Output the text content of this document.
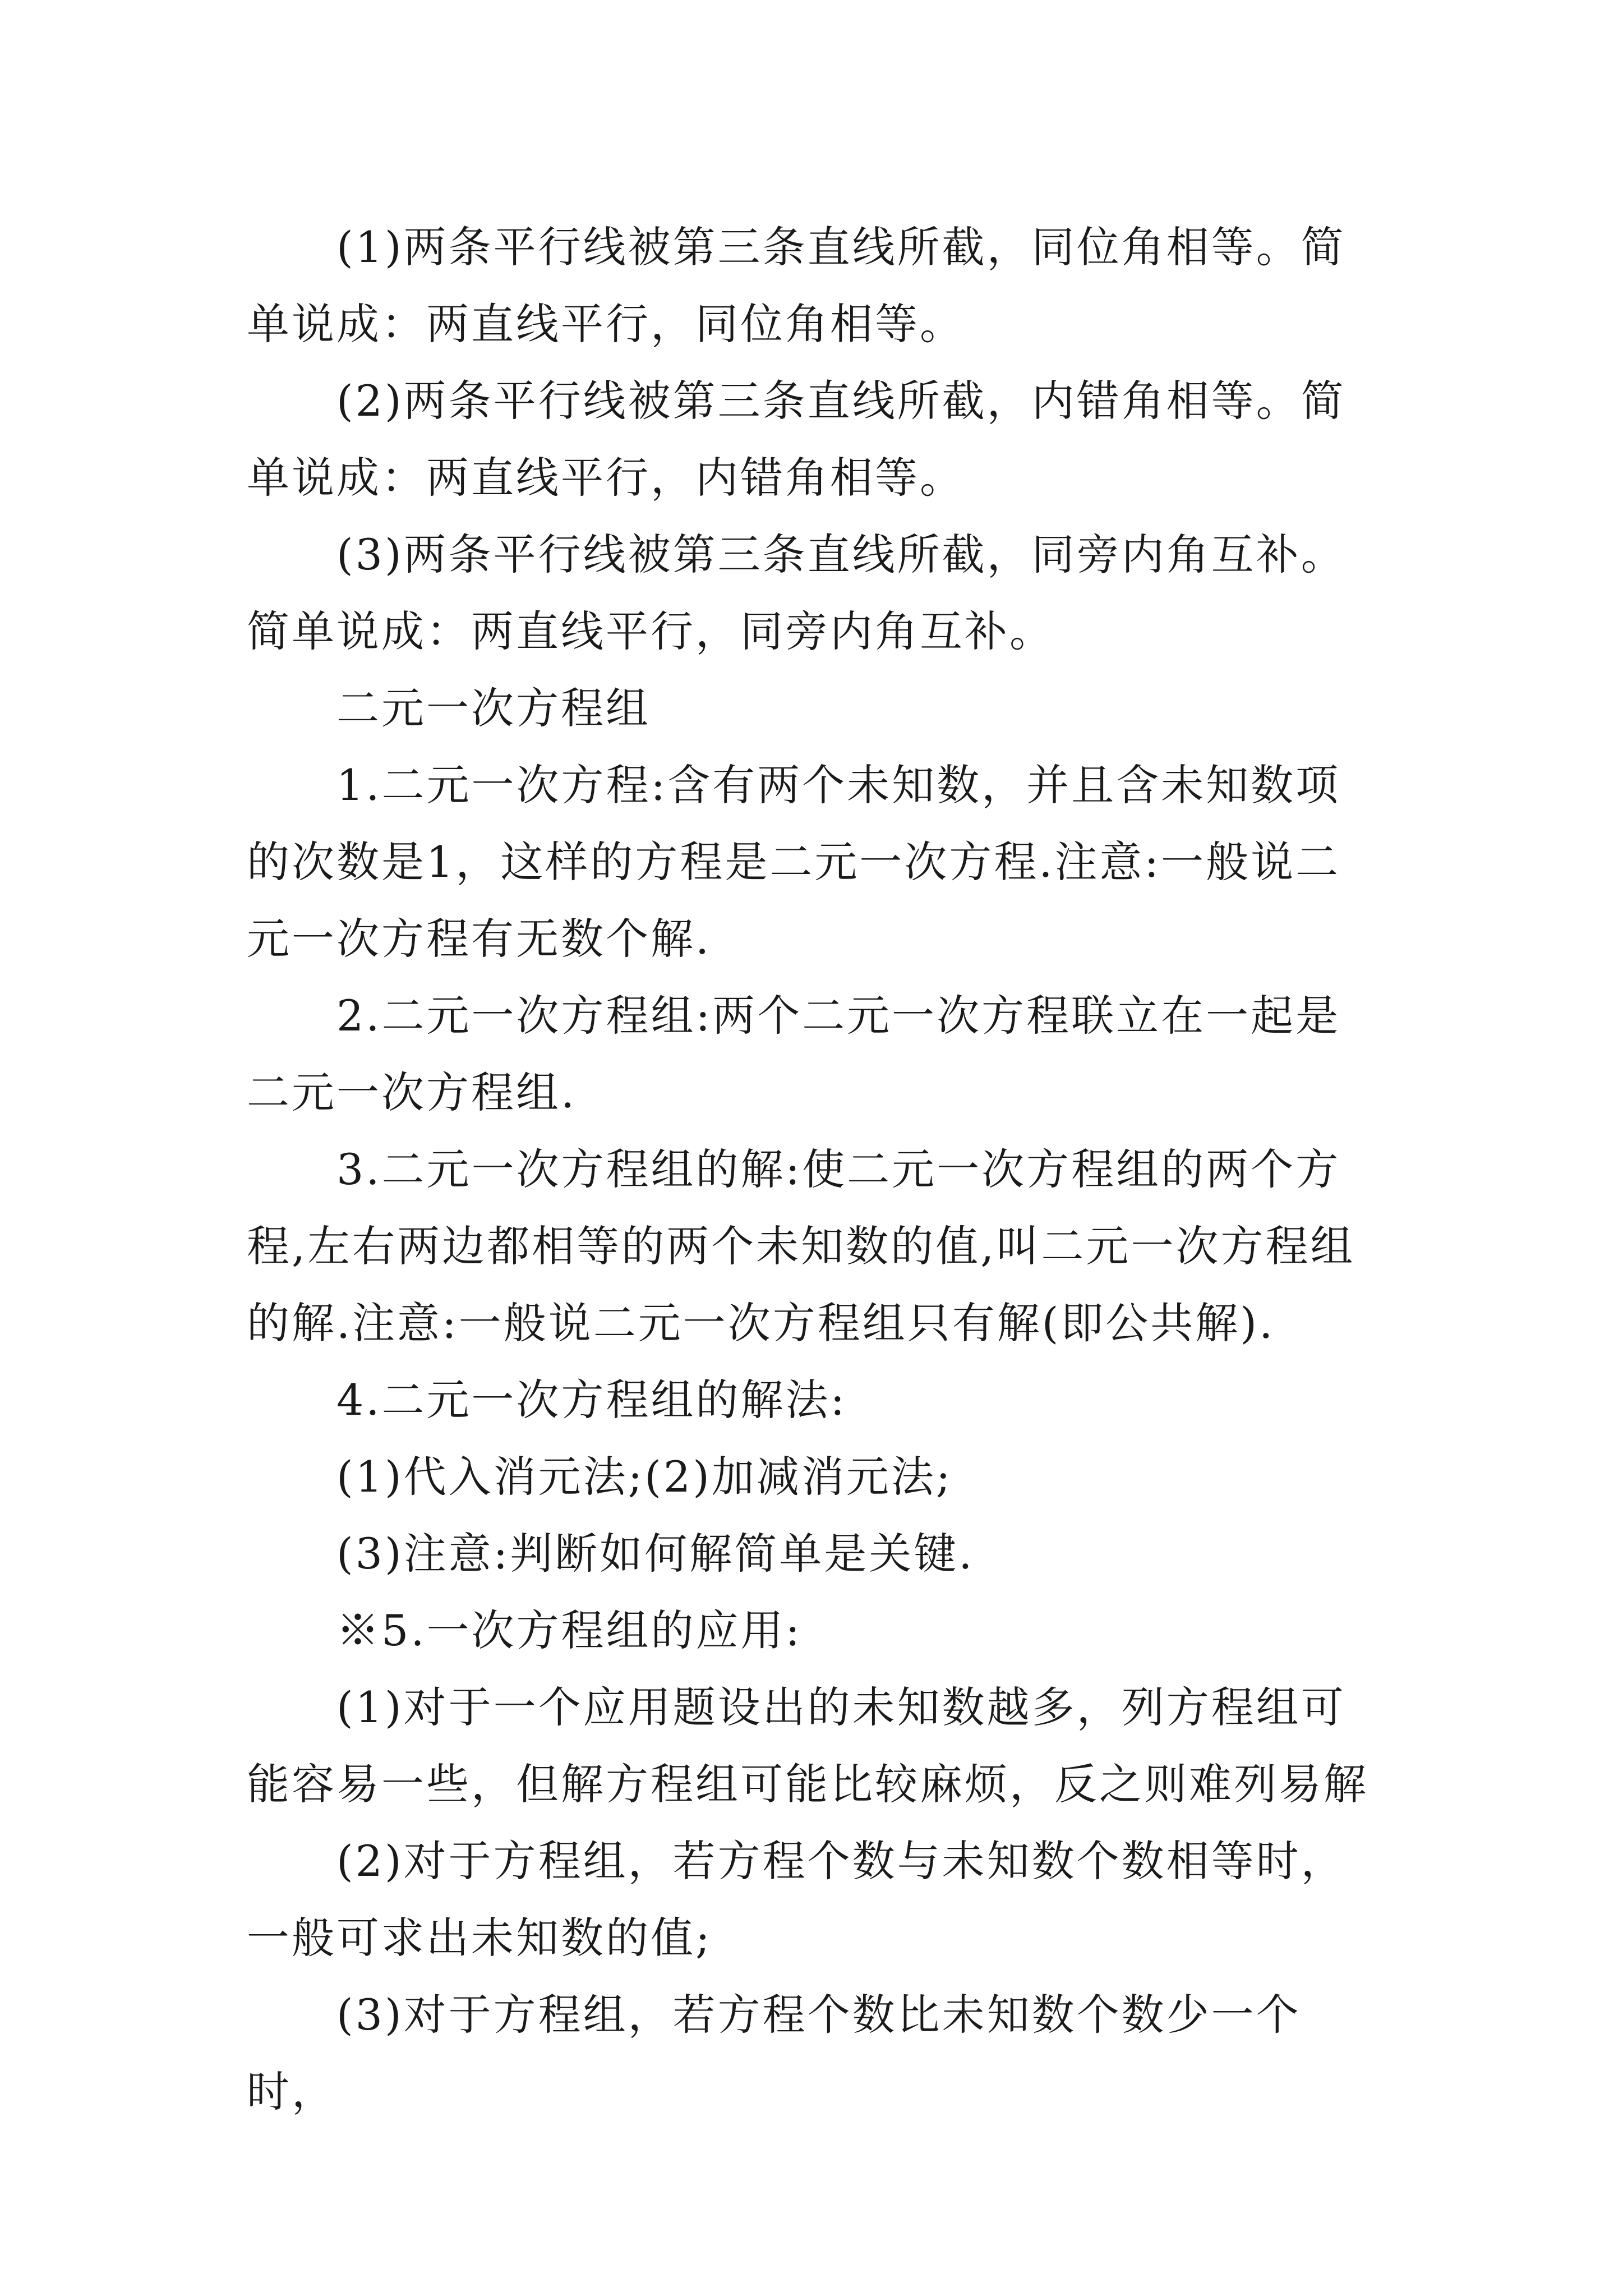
(1)两条平行线被第三条直线所截，同位角相等。简单说成：两直线平行，同位角相等。

(2)两条平行线被第三条直线所截，内错角相等。简单说成：两直线平行，内错角相等。

(3)两条平行线被第三条直线所截，同旁内角互补。简单说成：两直线平行，同旁内角互补。

二元一次方程组

1.二元一次方程:含有两个未知数，并且含未知数项的次数是1，这样的方程是二元一次方程.注意:一般说二元一次方程有无数个解.

2.二元一次方程组:两个二元一次方程联立在一起是二元一次方程组.

3.二元一次方程组的解:使二元一次方程组的两个方程,左右两边都相等的两个未知数的值,叫二元一次方程组的解.注意:一般说二元一次方程组只有解(即公共解).

4.二元一次方程组的解法:

(1)代入消元法;(2)加减消元法;

(3)注意:判断如何解简单是关键.

※5.一次方程组的应用:

(1)对于一个应用题设出的未知数越多，列方程组可能容易一些，但解方程组可能比较麻烦，反之则难列易解

(2)对于方程组，若方程个数与未知数个数相等时，一般可求出未知数的值;

(3)对于方程组，若方程个数比未知数个数少一个时，
